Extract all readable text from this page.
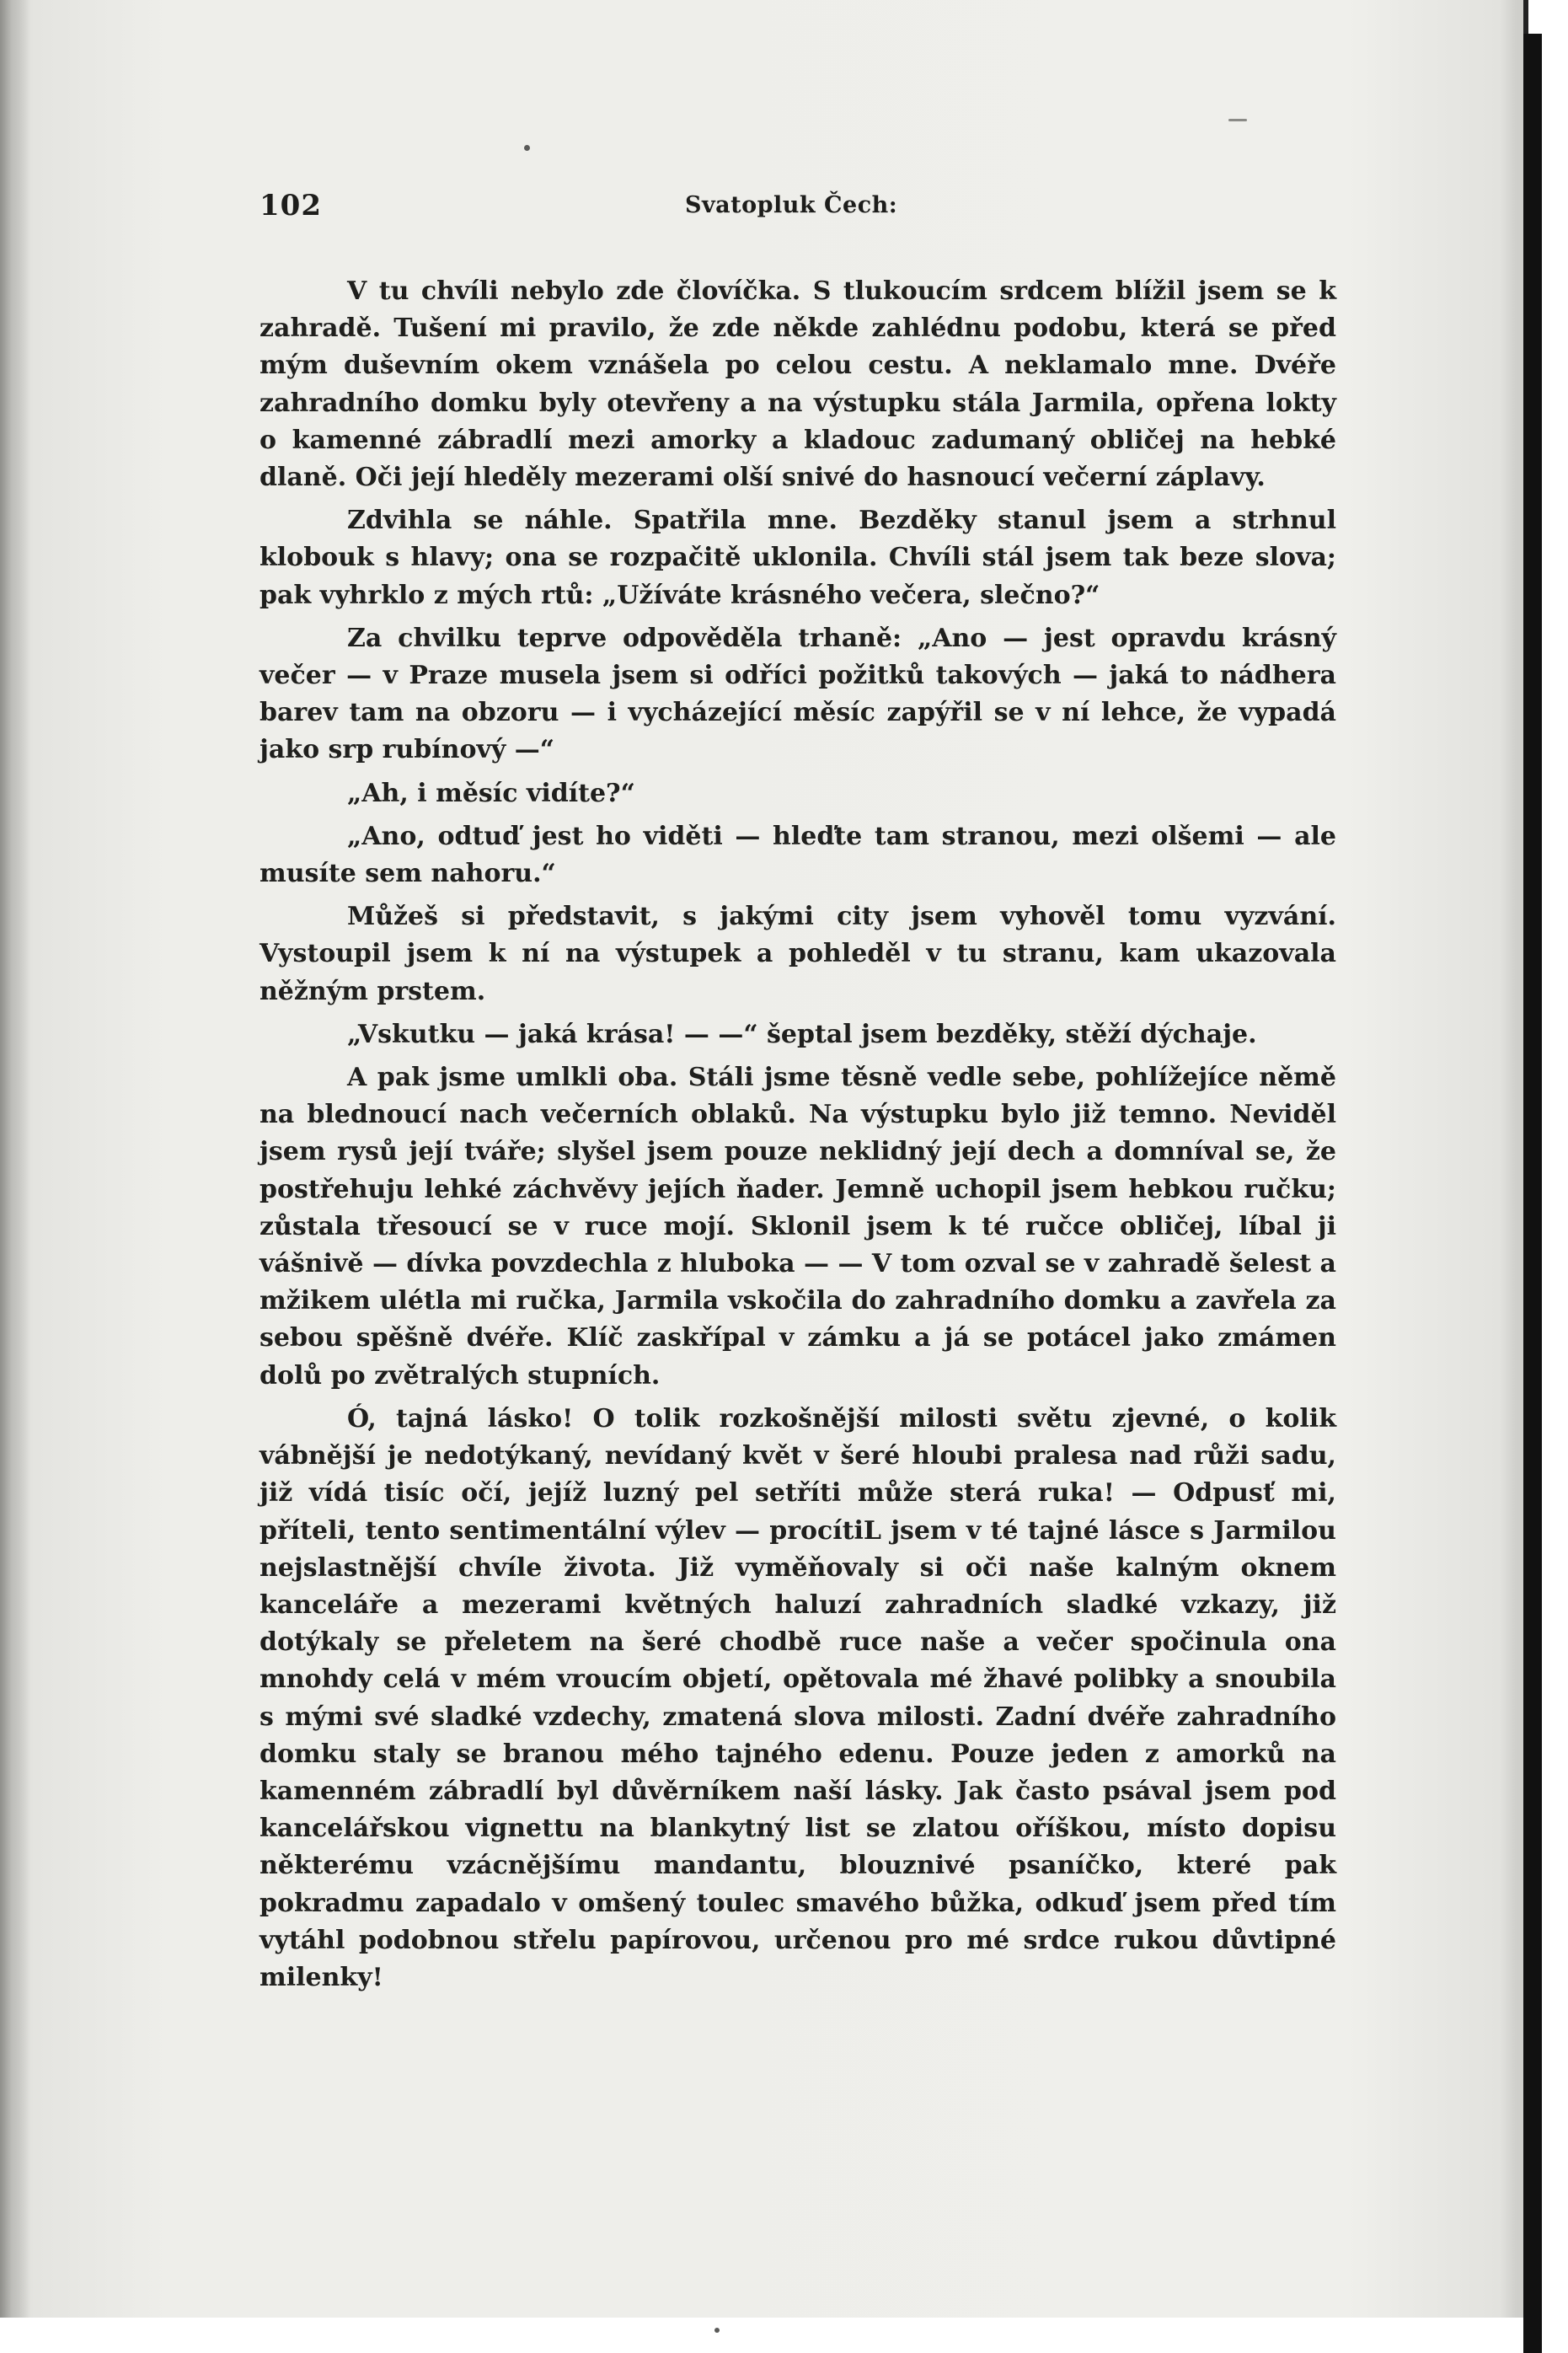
102	Svatopluk Čech:

V tu chvíli nebylo zde človíčka. S tlukoucím srdcem blížil jsem se k zahradě. Tušení mi pravilo, že zde někde zahlédnu podobu, která se před mým duševním okem vznášela po celou cestu. A neklamalo mne. Dvéře zahradního domku byly otevřeny a na výstupku stála Jarmila, opřena lokty o kamenné zábradlí mezi amorky a kladouc zadumaný obličej na hebké dlaně. Oči její hleděly mezerami olší snivé do hasnoucí večerní záplavy.

Zdvihla se náhle. Spatřila mne. Bezděky stanul jsem a strhnul klobouk s hlavy; ona se rozpačitě uklonila. Chvíli stál jsem tak beze slova; pak vyhrklo z mých rtů: „Užíváte krásného večera, slečno?“

Za chvilku teprve odpověděla trhaně: „Ano — jest opravdu krásný večer — v Praze musela jsem si odříci požitků takových — jaká to nádhera barev tam na obzoru — i vycházející měsíc zapýřil se v ní lehce, že vypadá jako srp rubínový —“

„Ah, i měsíc vidíte?“

„Ano, odtuď jest ho viděti — hleďte tam stranou, mezi olšemi — ale musíte sem nahoru.“

Můžeš si představit, s jakými city jsem vyhověl tomu vyzvání. Vystoupil jsem k ní na výstupek a pohleděl v tu stranu, kam ukazovala něžným prstem.

„Vskutku — jaká krása! — —“ šeptal jsem bezděky, stěží dýchaje.

A pak jsme umlkli oba. Stáli jsme těsně vedle sebe, pohlížejíce němě na blednoucí nach večerních oblaků. Na výstupku bylo již temno. Neviděl jsem rysů její tváře; slyšel jsem pouze neklidný její dech a domníval se, že postřehuju lehké záchvěvy jejích ňader. Jemně uchopil jsem hebkou ručku; zůstala třesoucí se v ruce mojí. Sklonil jsem k té ručce obličej, líbal ji vášnivě — dívka povzdechla z hluboka — — V tom ozval se v zahradě šelest a mžikem ulétla mi ručka, Jarmila vskočila do zahradního domku a zavřela za sebou spěšně dvéře. Klíč zaskřípal v zámku a já se potácel jako zmámen dolů po zvětralých stupních.

Ó, tajná lásko! O tolik rozkošnější milosti světu zjevné, o kolik vábnější je nedotýkaný, nevídaný květ v šeré hloubi pralesa nad růži sadu, již vídá tisíc očí, jejíž luzný pel setříti může sterá ruka! — Odpusť mi, příteli, tento sentimentální výlev — procítiL jsem v té tajné lásce s Jarmilou nejslastnější chvíle života. Již vyměňovaly si oči naše kalným oknem kanceláře a mezerami květných haluzí zahradních sladké vzkazy, již dotýkaly se přeletem na šeré chodbě ruce naše a večer spočinula ona mnohdy celá v mém vroucím objetí, opětovala mé žhavé polibky a snoubila s mými své sladké vzdechy, zmatená slova milosti. Zadní dvéře zahradního domku staly se branou mého tajného edenu. Pouze jeden z amorků na kamenném zábradlí byl důvěrníkem naší lásky. Jak často psával jsem pod kancelářskou vignettu na blankytný list se zlatou oříškou, místo dopisu některému vzácnějšímu mandantu, blouznivé psaníčko, které pak pokradmu zapadalo v omšený toulec smavého bůžka, odkuď jsem před tím vytáhl podobnou střelu papírovou, určenou pro mé srdce rukou důvtipné milenky!
